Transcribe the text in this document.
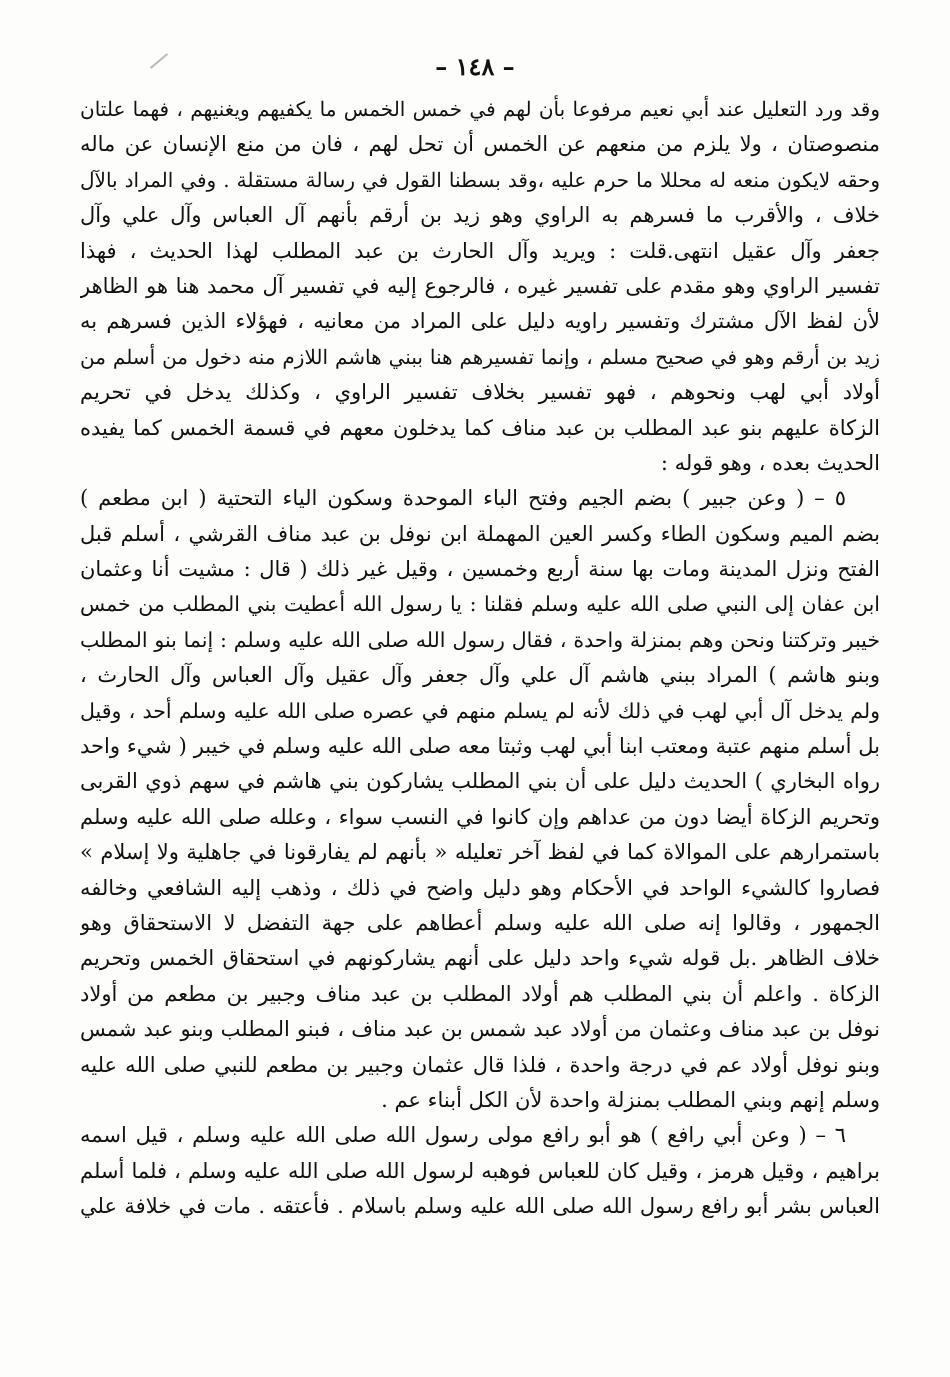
– ١٤٨ –
وقد ورد التعليل عند أبي نعيم مرفوعا بأن لهم في خمس الخمس ما يكفيهم ويغنيهم ، فهما علتان
منصوصتان ، ولا يلزم من منعهم عن الخمس أن تحل لهم ، فان من منع الإنسان عن ماله
وحقه لايكون منعه له محللا ما حرم عليه ،وقد بسطنا القول في رسالة مستقلة . وفي المراد بالآل
خلاف ، والأقرب ما فسرهم به الراوي وهو زيد بن أرقم بأنهم آل العباس وآل علي وآل
جعفر وآل عقيل انتهى.قلت : ويريد وآل الحارث بن عبد المطلب لهذا الحديث ، فهذا
تفسير الراوي وهو مقدم على تفسير غيره ، فالرجوع إليه في تفسير آل محمد هنا هو الظاهر
لأن لفظ الآل مشترك وتفسير راويه دليل على المراد من معانيه ، فهؤلاء الذين فسرهم به
زيد بن أرقم وهو في صحيح مسلم ، وإنما تفسيرهم هنا ببني هاشم اللازم منه دخول من أسلم من
أولاد أبي لهب ونحوهم ، فهو تفسير بخلاف تفسير الراوي ، وكذلك يدخل في تحريم
الزكاة عليهم بنو عبد المطلب بن عبد مناف كما يدخلون معهم في قسمة الخمس كما يفيده
الحديث بعده ، وهو قوله :
٥ – ( وعن جبير ) بضم الجيم وفتح الباء الموحدة وسكون الياء التحتية ( ابن مطعم )
بضم الميم وسكون الطاء وكسر العين المهملة ابن نوفل بن عبد مناف القرشي ، أسلم قبل
الفتح ونزل المدينة ومات بها سنة أربع وخمسين ، وقيل غير ذلك ( قال : مشيت أنا وعثمان
ابن عفان إلى النبي صلى الله عليه وسلم فقلنا : يا رسول الله أعطيت بني المطلب من خمس
خيبر وتركتنا ونحن وهم بمنزلة واحدة ، فقال رسول الله صلى الله عليه وسلم : إنما بنو المطلب
وبنو هاشم ) المراد ببني هاشم آل علي وآل جعفر وآل عقيل وآل العباس وآل الحارث ،
ولم يدخل آل أبي لهب في ذلك لأنه لم يسلم منهم في عصره صلى الله عليه وسلم أحد ، وقيل
بل أسلم منهم عتبة ومعتب ابنا أبي لهب وثبتا معه صلى الله عليه وسلم في خيبر ( شيء واحد
رواه البخاري ) الحديث دليل على أن بني المطلب يشاركون بني هاشم في سهم ذوي القربى
وتحريم الزكاة أيضا دون من عداهم وإن كانوا في النسب سواء ، وعلله صلى الله عليه وسلم
باستمرارهم على الموالاة كما في لفظ آخر تعليله « بأنهم لم يفارقونا في جاهلية ولا إسلام »
فصاروا كالشيء الواحد في الأحكام وهو دليل واضح في ذلك ، وذهب إليه الشافعي وخالفه
الجمهور ، وقالوا إنه صلى الله عليه وسلم أعطاهم على جهة التفضل لا الاستحقاق وهو
خلاف الظاهر .بل قوله شيء واحد دليل على أنهم يشاركونهم في استحقاق الخمس وتحريم
الزكاة . واعلم أن بني المطلب هم أولاد المطلب بن عبد مناف وجبير بن مطعم من أولاد
نوفل بن عبد مناف وعثمان من أولاد عبد شمس بن عبد مناف ، فبنو المطلب وبنو عبد شمس
وبنو نوفل أولاد عم في درجة واحدة ، فلذا قال عثمان وجبير بن مطعم للنبي صلى الله عليه
وسلم إنهم وبني المطلب بمنزلة واحدة لأن الكل أبناء عم .
٦ – ( وعن أبي رافع ) هو أبو رافع مولى رسول الله صلى الله عليه وسلم ، قيل اسمه
براهيم ، وقيل هرمز ، وقيل كان للعباس فوهبه لرسول الله صلى الله عليه وسلم ، فلما أسلم
العباس بشر أبو رافع رسول الله صلى الله عليه وسلم باسلام . فأعتقه . مات في خلافة علي
